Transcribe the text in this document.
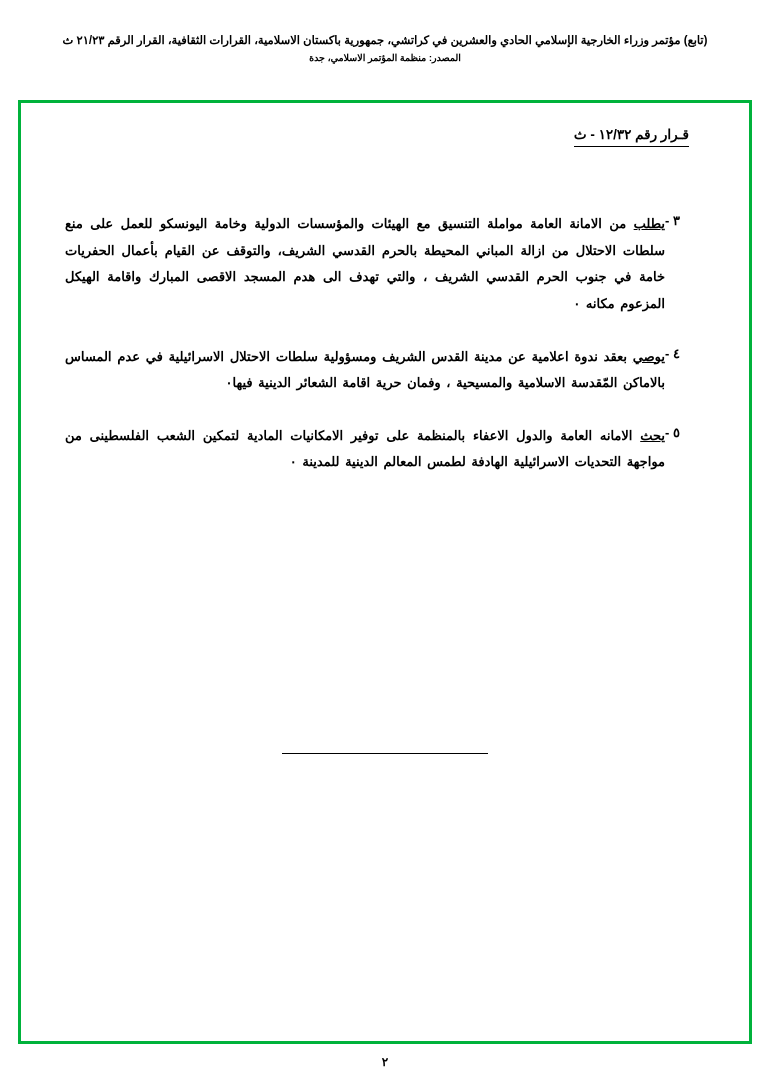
(تابع) مؤتمر وزراء الخارجية الإسلامي الحادي والعشرين في كراتشي، جمهورية باكستان الاسلامية، القرارات الثقافية، القرار الرقم ٢١/٢٣ ث
المصدر: منظمة المؤتمر الاسلامي، جدة
قـرار رقم ١٢/٣٢ - ث
٣ -
يطلب من الامانة العامة مواملة التنسيق مع الهيئات والمؤسسات الدولية وخامة اليونسكو للعمل على منع سلطات الاحتلال من ازالة المباني المحيطة بالحرم القدسي الشريف، والتوقف عن القيام بأعمال الحفريات خامة في جنوب الحرم القدسي الشريف ، والتي تهدف الى هدم المسجد الاقصى المبارك واقامة الهيكل المزعوم مكانه ٠
٤ -
يوصي بعقد ندوة اعلامية عن مدينة القدس الشريف ومسؤولية سلطات الاحتلال الاسرائيلية في عدم المساس بالاماكن المّقدسة الاسلامية والمسيحية ، وفمان حرية اقامة الشعائر الدينية فيها٠
٥ -
يحث الامانه العامة والدول الاعفاء بالمنظمة على توفير الامكانيات المادية لتمكين الشعب الفلسطينى من مواجهة التحديات الاسرائيلية الهادفة لطمس المعالم الدينية للمدينة ٠
٢
